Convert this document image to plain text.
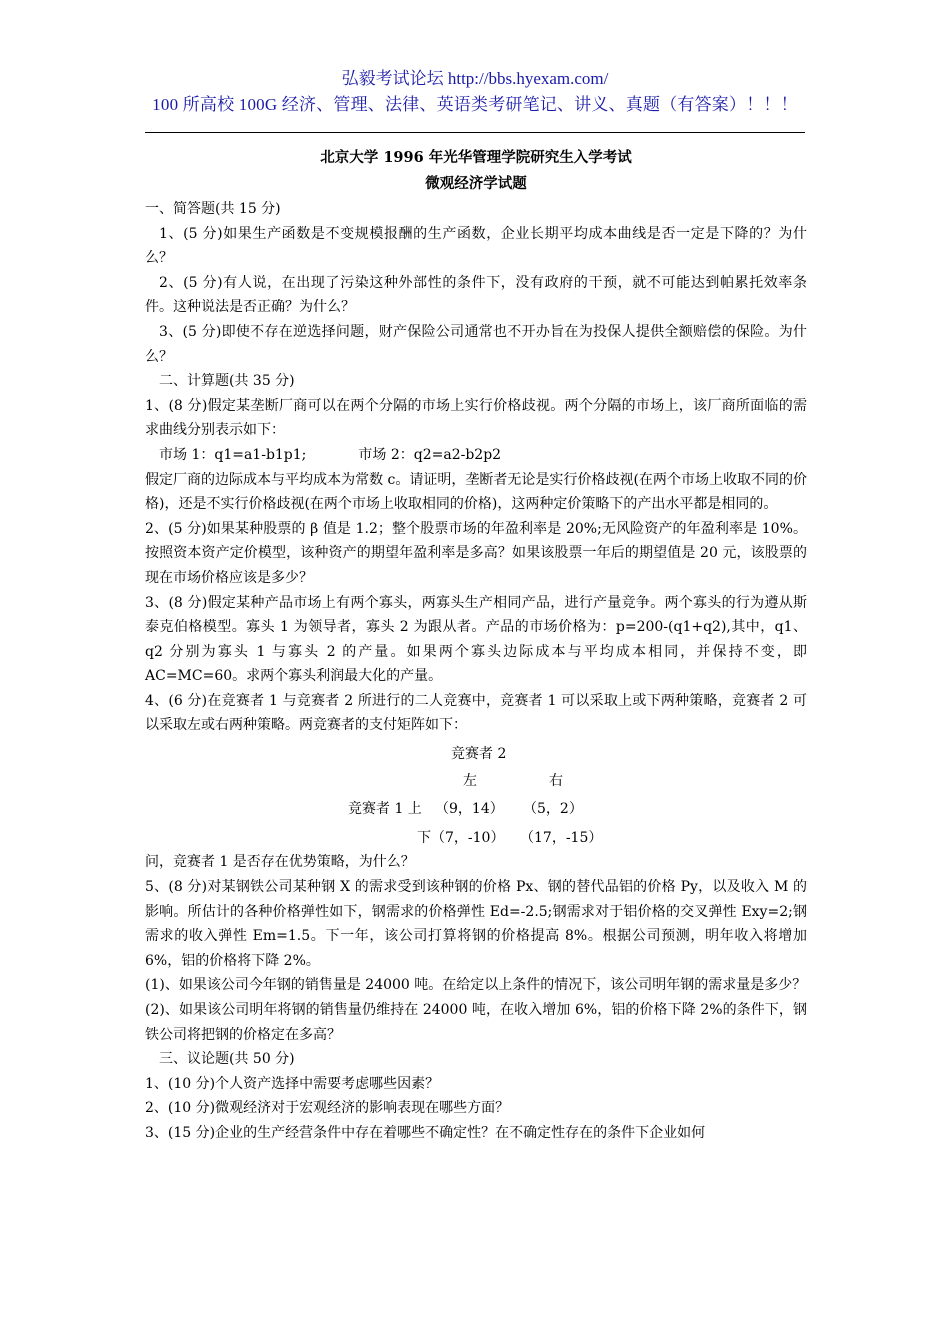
弘毅考试论坛 http://bbs.hyexam.com/
100 所高校 100G 经济、管理、法律、英语类考研笔记、讲义、真题（有答案）！！！
北京大学 1996 年光华管理学院研究生入学考试
微观经济学试题

一、简答题(共 15 分)

1、(5 分)如果生产函数是不变规模报酬的生产函数，企业长期平均成本曲线是否一定是下降的？为什么？

2、(5 分)有人说，在出现了污染这种外部性的条件下，没有政府的干预，就不可能达到帕累托效率条件。这种说法是否正确？为什么？

3、(5 分)即使不存在逆选择问题，财产保险公司通常也不开办旨在为投保人提供全额赔偿的保险。为什么？

二、计算题(共 35 分)

1、(8 分)假定某垄断厂商可以在两个分隔的市场上实行价格歧视。两个分隔的市场上，该厂商所面临的需求曲线分别表示如下：

市场 1：q1=a1-b1p1;	市场 2：q2=a2-b2p2

假定厂商的边际成本与平均成本为常数 c。请证明，垄断者无论是实行价格歧视(在两个市场上收取不同的价格)，还是不实行价格歧视(在两个市场上收取相同的价格)，这两种定价策略下的产出水平都是相同的。

2、(5 分)如果某种股票的 β 值是 1.2；整个股票市场的年盈利率是 20%;无风险资产的年盈利率是 10%。按照资本资产定价模型，该种资产的期望年盈利率是多高？如果该股票一年后的期望值是 20 元，该股票的现在市场价格应该是多少？

3、(8 分)假定某种产品市场上有两个寡头，两寡头生产相同产品，进行产量竞争。两个寡头的行为遵从斯泰克伯格模型。寡头 1 为领导者，寡头 2 为跟从者。产品的市场价格为：p=200-(q1+q2),其中，q1、q2 分别为寡头 1 与寡头 2 的产量。如果两个寡头边际成本与平均成本相同，并保持不变，即 AC=MC=60。求两个寡头利润最大化的产量。

4、(6 分)在竞赛者 1 与竞赛者 2 所进行的二人竞赛中，竞赛者 1 可以采取上或下两种策略，竞赛者 2 可以采取左或右两种策略。两竞赛者的支付矩阵如下：

竞赛者 2

左

	右

竞赛者 1 上

（9，14）

（5，2）

下（7，-10）

（17，-15）

问，竞赛者 1 是否存在优势策略，为什么？

5、(8 分)对某钢铁公司某种钢 X 的需求受到该种钢的价格 Px、钢的替代品铝的价格 Py，以及收入 M 的影响。所估计的各种价格弹性如下，钢需求的价格弹性 Ed=-2.5;钢需求对于铝价格的交叉弹性 Exy=2;钢需求的收入弹性 Em=1.5。下一年，该公司打算将钢的价格提高 8%。根据公司预测，明年收入将增加 6%，铝的价格将下降 2%。

(1)、如果该公司今年钢的销售量是 24000 吨。在给定以上条件的情况下，该公司明年钢的需求量是多少？

(2)、如果该公司明年将钢的销售量仍维持在 24000 吨，在收入增加 6%，铝的价格下降 2%的条件下，钢铁公司将把钢的价格定在多高？

三、议论题(共 50 分)

1、(10 分)个人资产选择中需要考虑哪些因素？

2、(10 分)微观经济对于宏观经济的影响表现在哪些方面？

3、(15 分)企业的生产经营条件中存在着哪些不确定性？在不确定性存在的条件下企业如何
